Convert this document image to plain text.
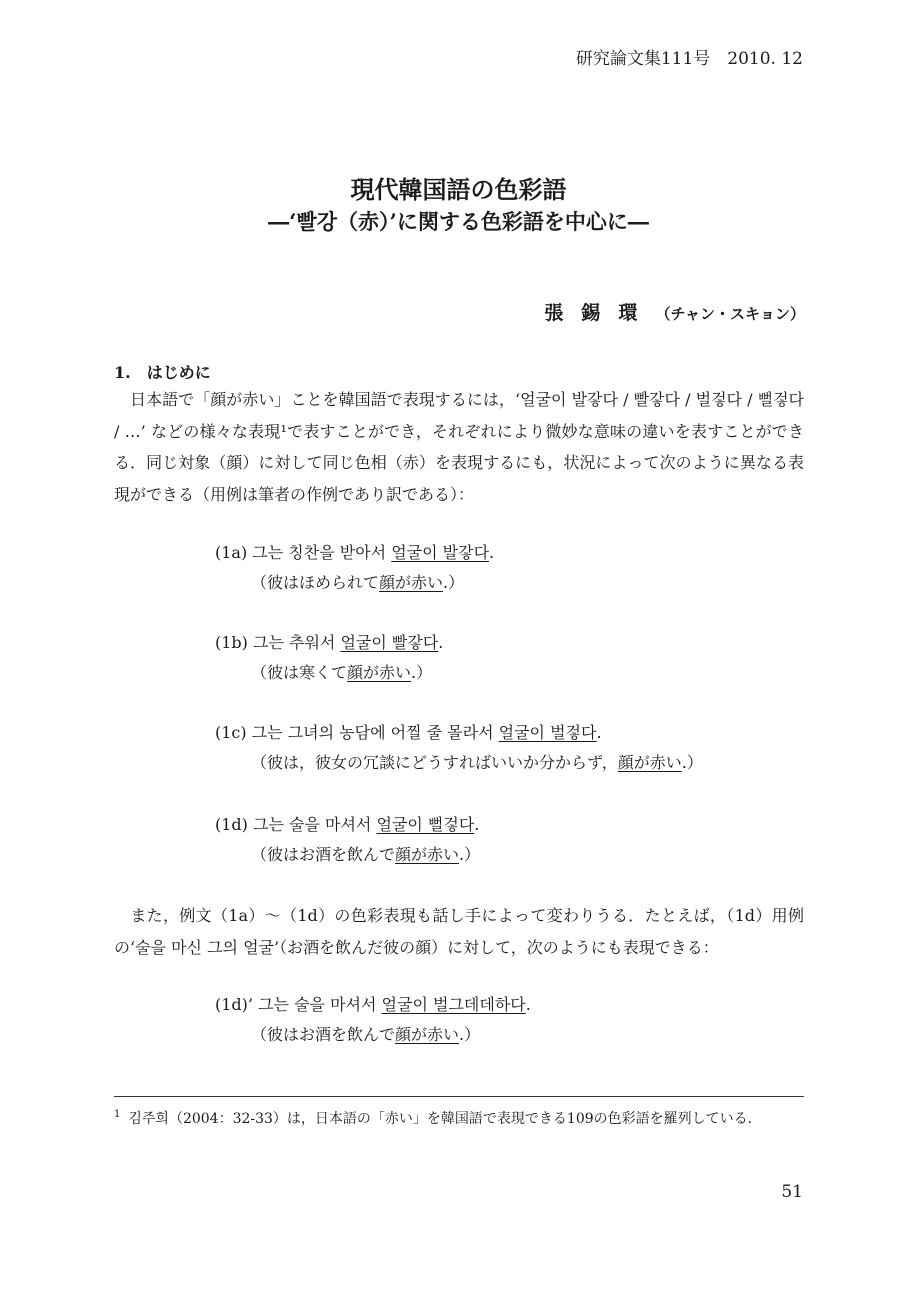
研究論文集111号　2010. 12
現代韓国語の色彩語
―‘빨강（赤）’に関する色彩語を中心に―
張錫環（チャン・スキョン）
1.　はじめに
　日本語で「顔が赤い」ことを韓国語で表現するには，‘얼굴이 발갛다 / 빨갛다 / 벌겋다 / 뻘겋다 / …’ などの様々な表現¹で表すことができ，それぞれにより微妙な意味の違いを表すことができる．同じ対象（顔）に対して同じ色相（赤）を表現するにも，状況によって次のように異なる表現ができる（用例は筆者の作例であり訳である）：
(1a) 그는 칭찬을 받아서 얼굴이 발갛다.
（彼はほめられて顔が赤い.）
(1b) 그는 추워서 얼굴이 빨갛다.
（彼は寒くて顔が赤い.）
(1c) 그는 그녀의 농담에 어찔 줄 몰라서 얼굴이 벌겋다.
（彼は，彼女の冗談にどうすればいいか分からず，顔が赤い.）
(1d) 그는 술을 마셔서 얼굴이 뻘겋다.
（彼はお酒を飲んで顔が赤い.）
　また，例文（1a）～（1d）の色彩表現も話し手によって変わりうる．たとえば，（1d）用例の‘술을 마신 그의 얼굴’（お酒を飲んだ彼の顔）に対して，次のようにも表現できる：
(1d)’ 그는 술을 마셔서 얼굴이 벌그데데하다.
（彼はお酒を飲んで顔が赤い.）
$^1$ 김주희（2004：32-33）は，日本語の「赤い」を韓国語で表現できる109の色彩語を羅列している．
51
